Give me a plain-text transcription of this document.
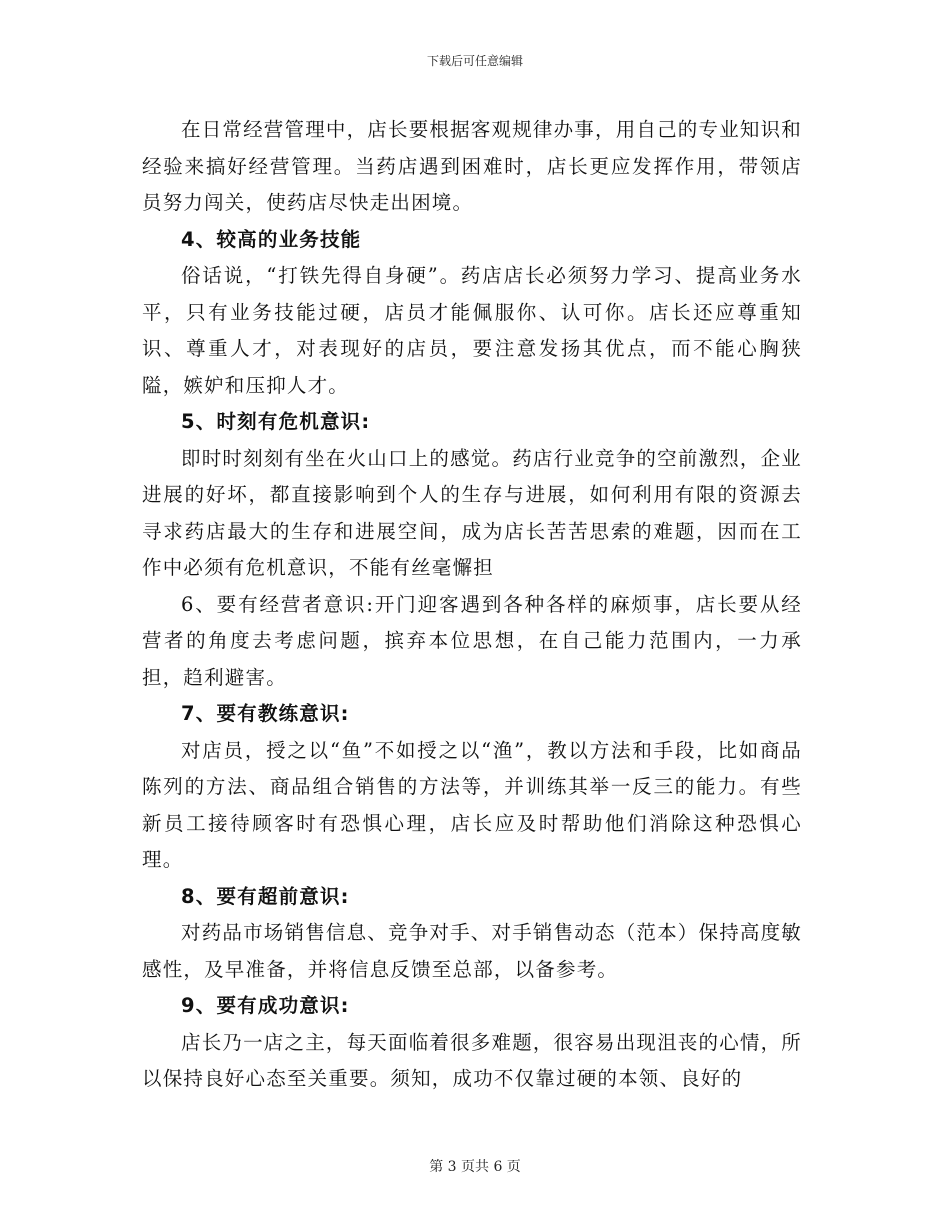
下载后可任意编辑

在日常经营管理中，店长要根据客观规律办事，用自己的专业知识和经验来搞好经营管理。当药店遇到困难时，店长更应发挥作用，带领店员努力闯关，使药店尽快走出困境。

4、较高的业务技能

俗话说，“打铁先得自身硬”。药店店长必须努力学习、提高业务水平，只有业务技能过硬，店员才能佩服你、认可你。店长还应尊重知识、尊重人才，对表现好的店员，要注意发扬其优点，而不能心胸狭隘，嫉妒和压抑人才。

5、时刻有危机意识:

即时时刻刻有坐在火山口上的感觉。药店行业竞争的空前激烈，企业进展的好坏，都直接影响到个人的生存与进展，如何利用有限的资源去寻求药店最大的生存和进展空间，成为店长苦苦思索的难题，因而在工作中必须有危机意识，不能有丝毫懈担

6、要有经营者意识:开门迎客遇到各种各样的麻烦事，店长要从经营者的角度去考虑问题，摈弃本位思想，在自己能力范围内，一力承担，趋利避害。

7、要有教练意识:

对店员，授之以“鱼”不如授之以“渔”，教以方法和手段，比如商品陈列的方法、商品组合销售的方法等，并训练其举一反三的能力。有些新员工接待顾客时有恐惧心理，店长应及时帮助他们消除这种恐惧心理。

8、要有超前意识:

对药品市场销售信息、竞争对手、对手销售动态（范本）保持高度敏感性，及早准备，并将信息反馈至总部，以备参考。

9、要有成功意识:

店长乃一店之主，每天面临着很多难题，很容易出现沮丧的心情，所以保持良好心态至关重要。须知，成功不仅靠过硬的本领、良好的

第 3 页共 6 页
